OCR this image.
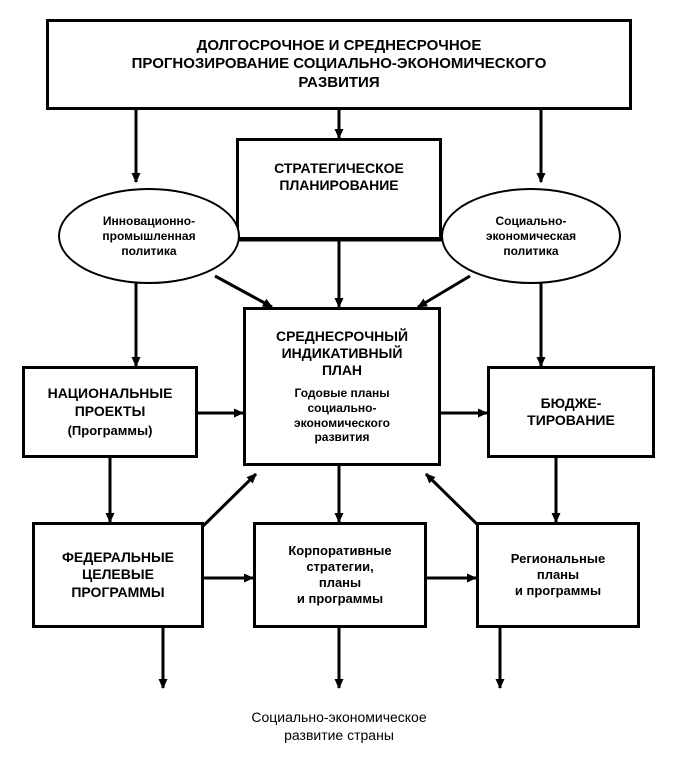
ДОЛГОСРОЧНОЕ И СРЕДНЕСРОЧНОЕ
ПРОГНОЗИРОВАНИЕ СОЦИАЛЬНО-ЭКОНОМИЧЕСКОГО
РАЗВИТИЯ
СТРАТЕГИЧЕСКОЕ
ПЛАНИРОВАНИЕ
Инновационно-
промышленная
политика
Социально-
экономическая
политика
НАЦИОНАЛЬНЫЕ
ПРОЕКТЫ
(Программы)
СРЕДНЕСРОЧНЫЙ
ИНДИКАТИВНЫЙ
ПЛАН
Годовые планы
социально-
экономического
развития
БЮДЖЕ-
ТИРОВАНИЕ
ФЕДЕРАЛЬНЫЕ
ЦЕЛЕВЫЕ
ПРОГРАММЫ
Корпоративные
стратегии,
планы
и программы
Региональные
планы
и программы
Социально-экономическое
развитие страны
